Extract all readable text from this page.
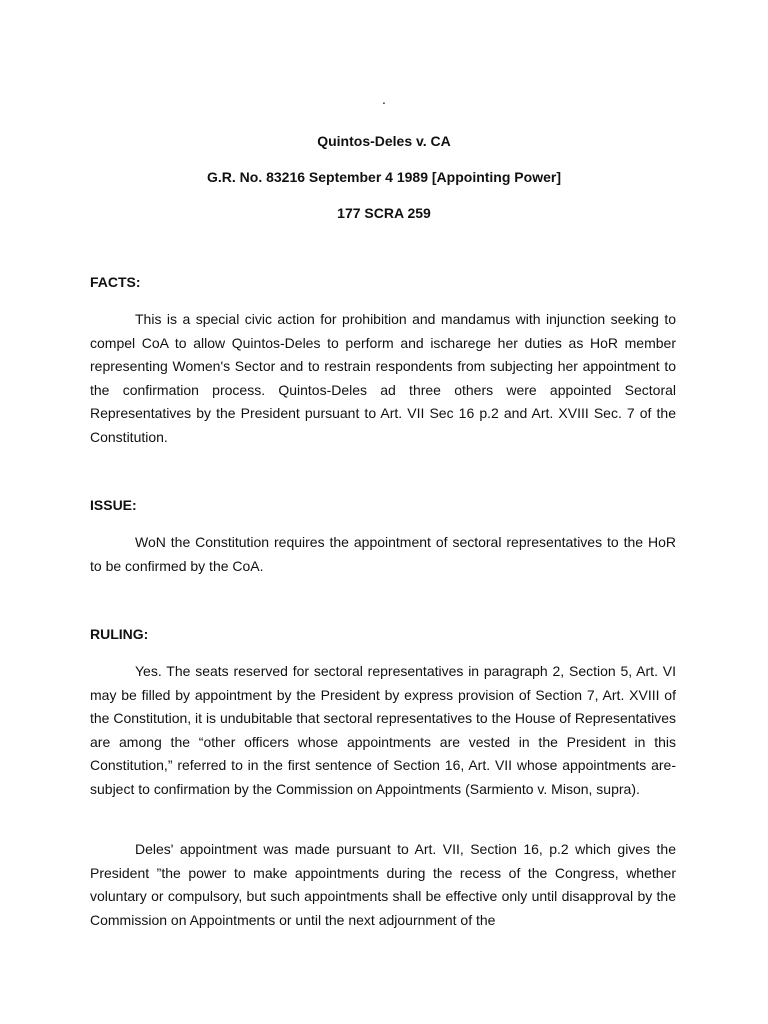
.
Quintos-Deles v. CA
G.R. No. 83216 September 4 1989 [Appointing Power]
177 SCRA 259
FACTS:

This is a special civic action for prohibition and mandamus with injunction seeking to compel CoA to allow Quintos-Deles to perform and ischarege her duties as HoR member representing Women's Sector and to restrain respondents from subjecting her appointment to the confirmation process. Quintos-Deles ad three others were appointed Sectoral Representatives by the President pursuant to Art. VII Sec 16 p.2 and Art. XVIII Sec. 7 of the Constitution.

ISSUE:

WoN the Constitution requires the appointment of sectoral representatives to the HoR to be confirmed by the CoA.

RULING:

Yes. The seats reserved for sectoral representatives in paragraph 2, Section 5, Art. VI may be filled by appointment by the President by express provision of Section 7, Art. XVIII of the Constitution, it is undubitable that sectoral representatives to the House of Representatives are among the “other officers whose appointments are vested in the President in this Constitution,” referred to in the first sentence of Section 16, Art. VII whose appointments are-subject to confirmation by the Commission on Appointments (Sarmiento v. Mison, supra).

Deles' appointment was made pursuant to Art. VII, Section 16, p.2 which gives the President ”the power to make appointments during the recess of the Congress, whether voluntary or compulsory, but such appointments shall be effective only until disapproval by the Commission on Appointments or until the next adjournment of the
